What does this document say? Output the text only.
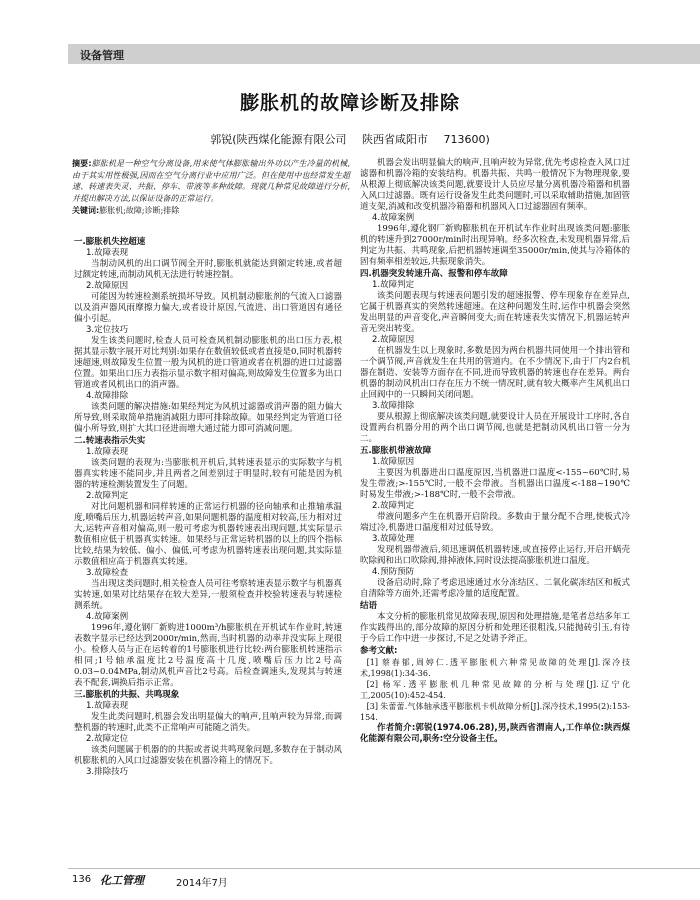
设备管理
膨胀机的故障诊断及排除
郭锐(陕西煤化能源有限公司 陕西省咸阳市 713600)
摘要:膨胀机是一种空气分离设备,用来使气体膨胀输出外功以产生冷量的机械,由于其实用性极强,因而在空气分离行业中应用广泛。但在使用中也经常发生超速、转速表失灵、共振、停车、带液等多种故障。现就几种常见故障进行分析,并提出解决方法,以保证设备的正常运行。
关键词:膨胀机;故障;诊断;排除
一.膨胀机失控超速
1.故障表现

当制动风机的出口调节阀全开时,膨胀机就能达到额定转速,或者超过额定转速,而制动风机无法进行转速控制。

2.故障原因

可能因为转速检测系统损坏导致。风机制动膨胀剂的气流入口滤器以及消声器风雨摩擦力偏大,或者设计原因,气流进、出口管道因有通径偏小引起。

3.定位技巧

发生该类问题时,检查人员可检查风机制动膨胀机的出口压力表,根据其显示数字展开对比判别:如果存在数值较低或者直接是0,同时机器转速超速,则故障发生位置一般为风机的进口管道或者在机器的进口过滤器位置。如果出口压力表指示显示数字相对偏高,则故障发生位置多为出口管道或者风机出口的消声器。

4.故障排除

该类问题的解决措施:如果经判定为风机过滤器或消声器的阻力偏大所导致,则采取简单措施消减阻力即可排除故障。如果经判定为管道口径偏小所导致,则扩大其口径进而增大通过能力即可消减问题。

二.转速表指示失实
1.故障表现

该类问题的表现为:当膨胀机开机后,其转速表显示的实际数字与机器真实转速不能同步,并且两者之间差别过于明显时,较有可能是因为机器的转速检测装置发生了问题。

2.故障判定

对比问题机器和同样转速的正常运行机器的径向轴承和止推轴承温度,喷嘴后压力,机器运转声音,如果问题机器的温度相对较高,压力相对过大,运转声音相对偏高,则一般可考虑为机器转速表出现问题,其实际显示数值相应低于机器真实转速。如果经与正常运转机器的以上的四个指标比较,结果为较低、偏小、偏低,可考虑为机器转速表出现问题,其实际显示数值相应高于机器真实转速。

3.故障检查

当出现这类问题时,相关检查人员可往考察转速表显示数字与机器真实转速,如果对比结果存在较大差异,一般须检查并校验转速表与转速检测系统。

4.故障案例

1996年,遵化钢厂新购进1000m³/h膨胀机在开机试车作业时,转速表数字显示已经达到2000r/min,然而,当时机器的动率并没实际上现很小。检修人员与正在运转着的1号膨胀机进行比较:两台膨胀机转速指示相同;1号轴承温度比2号温度高十几度,喷嘴后压力比2号高0.03~0.04MPa,制动风机声音比2号高。后检查调速头,发现其与转速表不配套,调换后指示正常。

三.膨胀机的共振、共鸣现象
1.故障表现

发生此类问题时,机器会发出明显偏大的响声,且响声较为异常,而调整机器的转速时,此类不正常响声可能随之消失。

2.故障定位

该类问题属于机器的的共振或者说共鸣现象问题,多数存在于制动风机膨胀机的入风口过滤器安装在机器冷箱上的情况下。

3.排除技巧

机器会发出明显偏大的响声,且响声较为异常,优先考虑检查入风口过滤器和机器冷箱的安装结构。机器共振、共鸣一般情况下为物理现象,要从根源上彻底解决该类问题,就要设计人员应尽量分离机器冷箱器和机器入风口过滤器。既有运行设备发生此类问题时,可以采取辅助措施,加固管道支架,消减和改变机器冷箱器和机器风入口过滤器固有频率。

4.故障案例

1996年,遵化钢厂新购膨胀机在开机试车作业时出现该类问题:膨胀机的转速升到27000r/min时出现异响。经多次检查,未发现机器异常,后判定为共振、共鸣现象,后把机器转速调至35000r/min,使其与冷箱体的固有频率相差较远,共振现象消失。

四.机器突发转速升高、报警和停车故障
1.故障判定

该类问题表现与转速表问题引发的超速报警、停车现象存在差异点,它属于机器真实的突然转速超速。在这种问题发生时,运作中机器会突然发出明显的声音变化,声音瞬间变大;而在转速表失实情况下,机器运转声音无突出转变。

2.故障原因

在机器发生以上现象时,多数是因为两台机器共同使用一个排出管和一个调节阀,声音就发生在共用的管道内。在不少情况下,由于厂内2台机器在制造、安装等方面存在不同,进而导致机器的转速也存在差异。两台机器的制动风机出口存在压力不统一情况时,就有较大概率产生风机出口止回阀中的一只瞬间关闭问题。

3.故障排除

要从根源上彻底解决该类问题,就要设计人员在开展设计工序时,各自设置两台机器分用的两个出口调节阀,也就是把制动风机出口管一分为二。

五.膨胀机带液故障
1.故障原因

主要因为机器进出口温度原因,当机器进口温度<-155~60℃时,易发生带液;>-155℃时,一般不会带液。当机器出口温度<-188~190℃时易发生带液;>-188℃时,一般不会带液。

2.故障判定

带液问题多产生在机器开启阶段。多数由于量分配不合理,使板式冷端过冷,机器进口温度相对过低导致。

3.故障处理

发现机器带液后,须迅速调低机器转速,或直接停止运行,开启开蜗壳吹除阀和出口吹除阀,排掉液体,同时设法提高膨胀机进口温度。

4.预防预防

设备启动时,除了考虑迅速通过水分冻结区、二氧化碳冻结区和板式自清除等方面外,还需考虑冷量的适度配置。

结语

本文分析的膨胀机常见故障表现,原因和处理措施,是笔者总结多年工作实践得出的,部分故障的原因分析和处理还很粗浅,只能抛砖引玉,有待于今后工作中进一步探讨,不足之处请予斧正。

参考文献:
[1] 蔡春郁,周婷仁.透平膨胀机六种常见故障的处理[J].深冷技术,1998(1):34-36.
[2] 杨军.透平膨胀机几种常见故障的分析与处理[J].辽宁化工,2005(10):452-454.
[3] 朱蕾蕾.气体轴承透平膨胀机卡机故障分析[J].深冷技术,1995(2):153-154.
作者简介:郭锐(1974.06.28),男,陕西省渭南人,工作单位:陕西煤化能源有限公司,职务:空分设备主任。
136 化工管理	2014年7月
